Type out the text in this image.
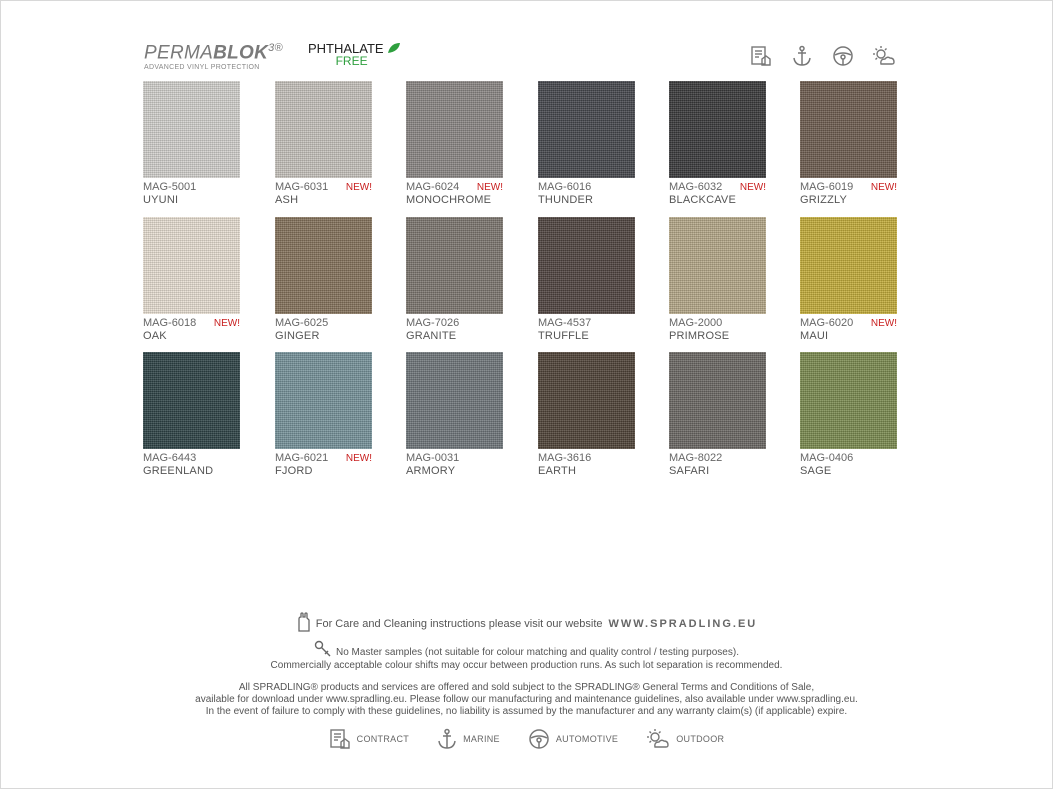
$PERMABLOK^{3®}$
ADVANCED VINYL PROTECTION
PHTHALATE
FREE
MAG-5001
UYUNI
MAG-6031 NEW!
ASH
MAG-6024 NEW!
MONOCHROME
MAG-6016
THUNDER
MAG-6032 NEW!
BLACKCAVE
MAG-6019 NEW!
GRIZZLY
MAG-6018 NEW!
OAK
MAG-6025
GINGER
MAG-7026
GRANITE
MAG-4537
TRUFFLE
MAG-2000
PRIMROSE
MAG-6020 NEW!
MAUI
MAG-6443
GREENLAND
MAG-6021 NEW!
FJORD
MAG-0031
ARMORY
MAG-3616
EARTH
MAG-8022
SAFARI
MAG-0406
SAGE
For Care and Cleaning instructions please visit our website WWW.SPRADLING.EU
No Master samples (not suitable for colour matching and quality control / testing purposes).
Commercially acceptable colour shifts may occur between production runs. As such lot separation is recommended.
All SPRADLING® products and services are offered and sold subject to the SPRADLING® General Terms and Conditions of Sale,
available for download under www.spradling.eu. Please follow our manufacturing and maintenance guidelines, also available under www.spradling.eu.
In the event of failure to comply with these guidelines, no liability is assumed by the manufacturer and any warranty claim(s) (if applicable) expire.
CONTRACT	MARINE	AUTOMOTIVE	OUTDOOR
